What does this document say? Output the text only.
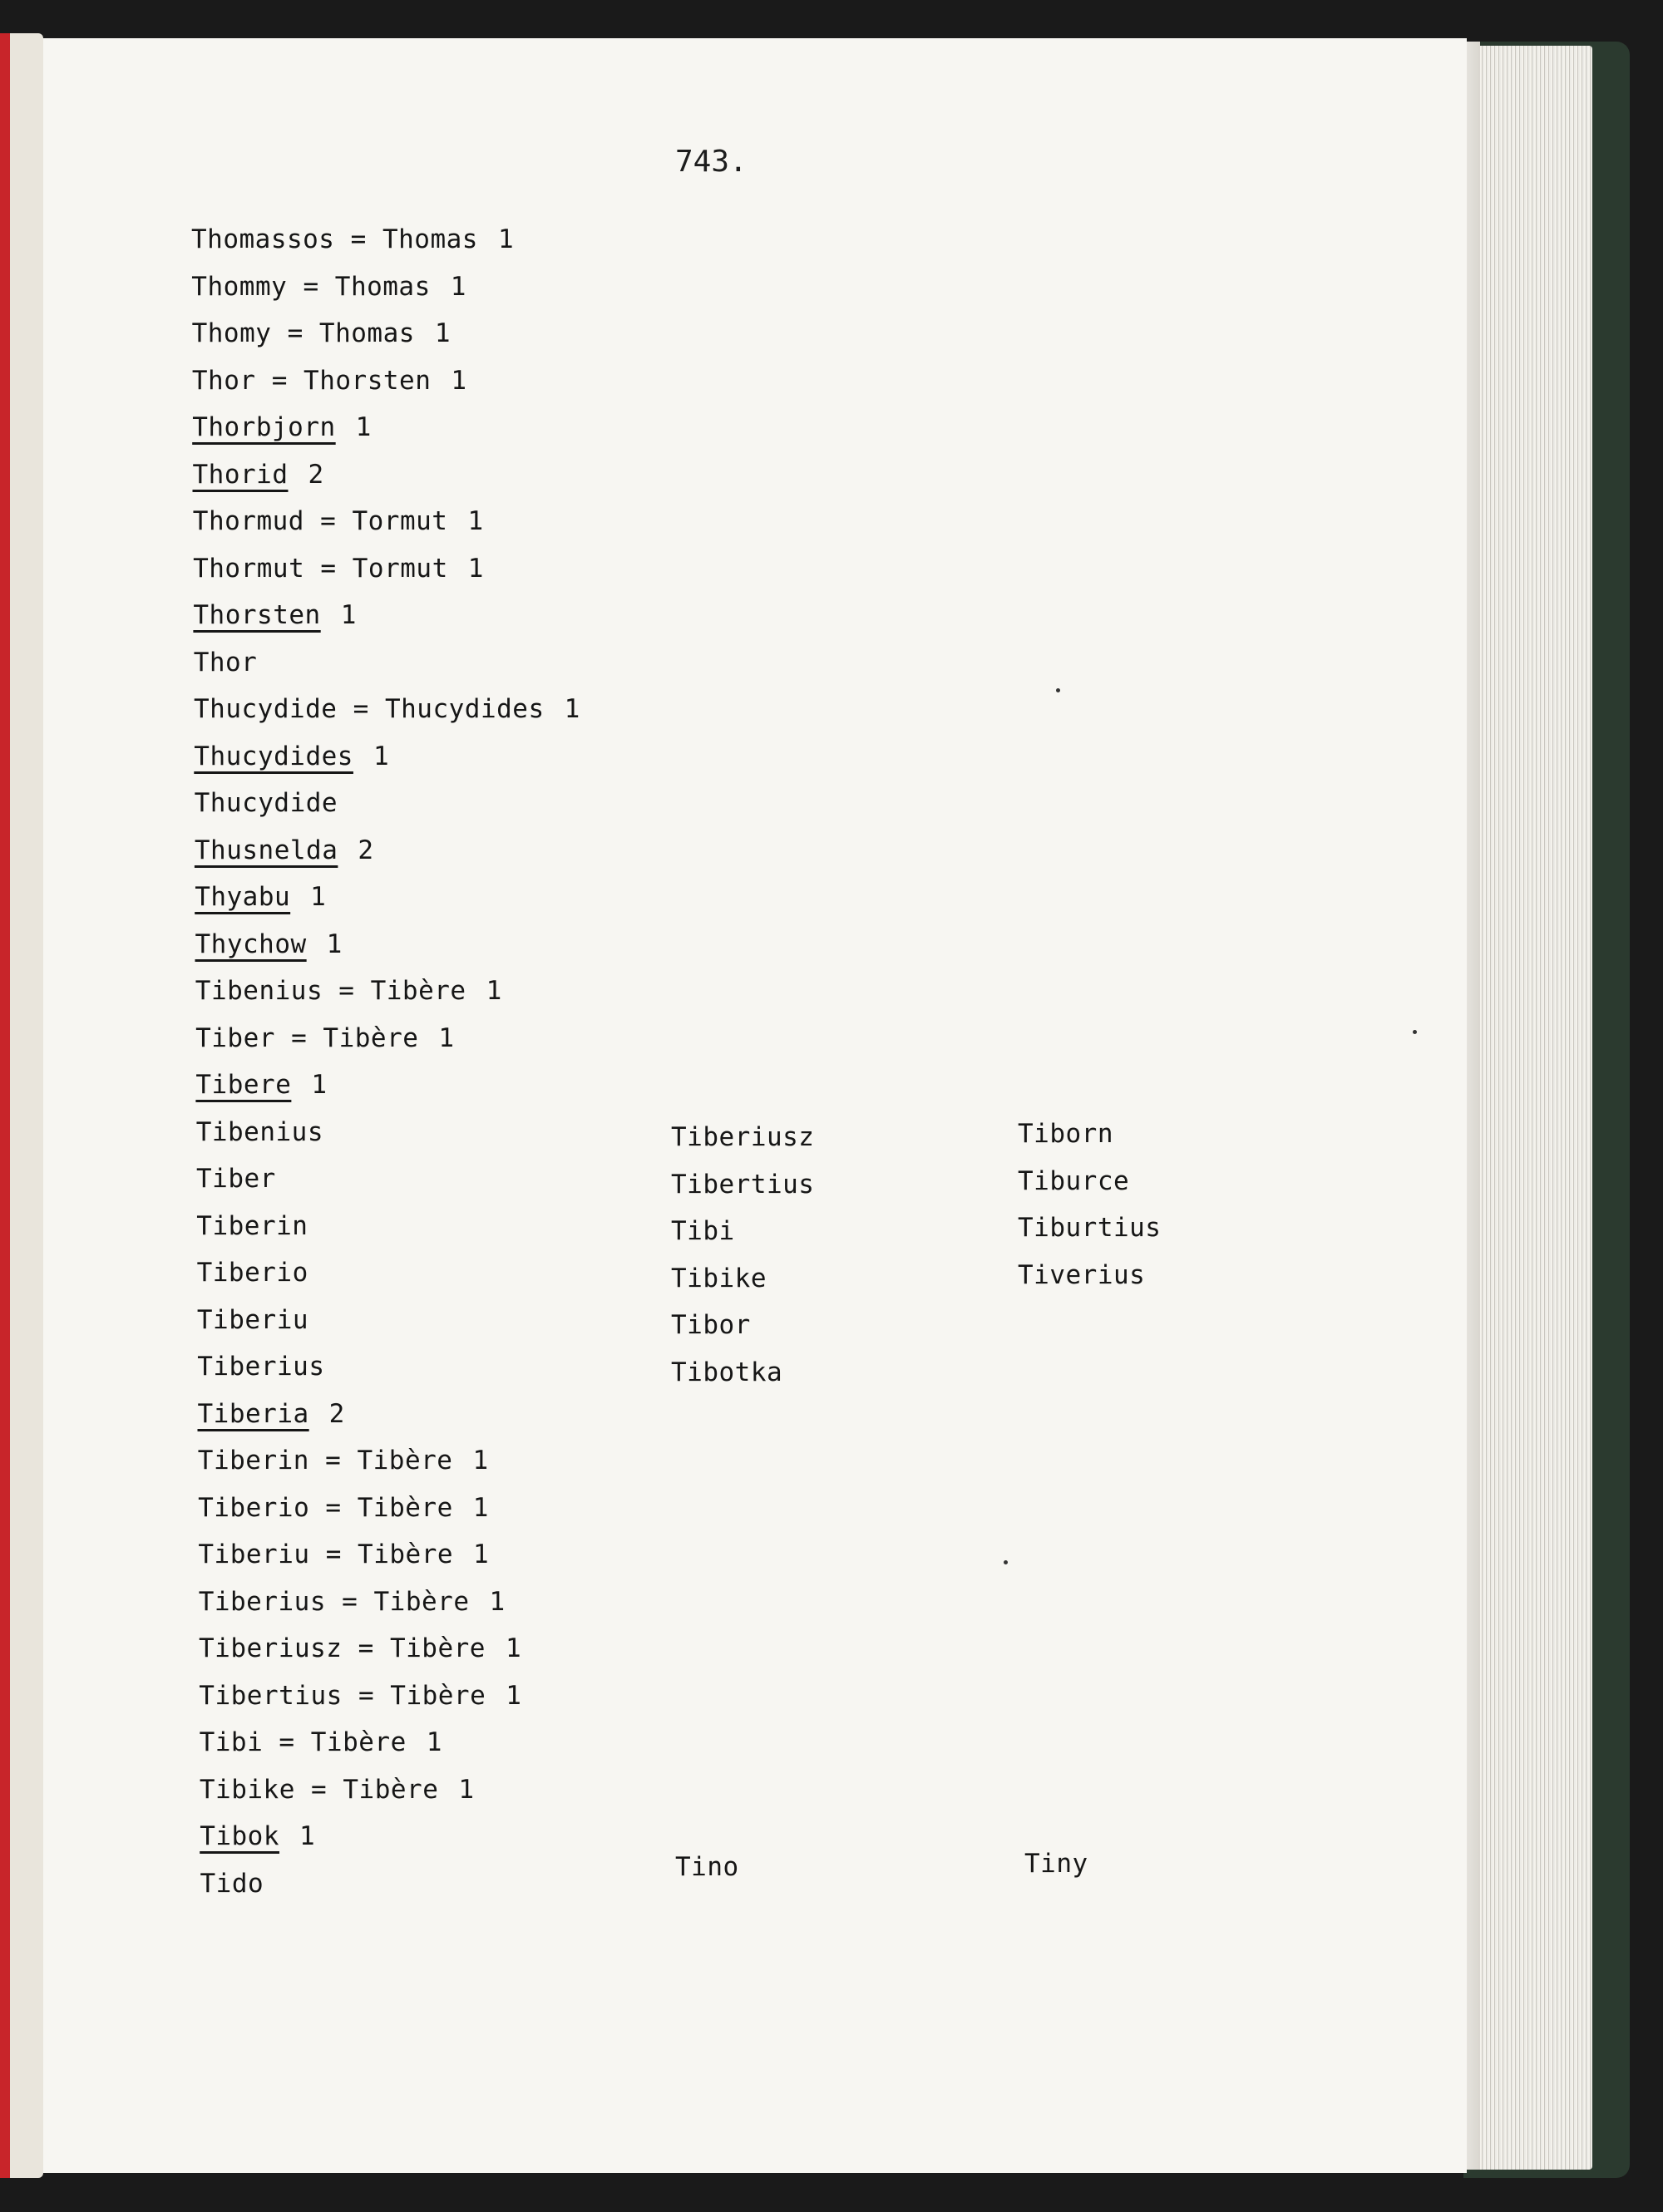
743.
Thomassos = Thomas 1
Thommy = Thomas 1
Thomy = Thomas 1
Thor = Thorsten 1
Thorbjorn 1
Thorid 2
Thormud = Tormut 1
Thormut = Tormut 1
Thorsten 1
Thor
Thucydide = Thucydides 1
Thucydides 1
Thucydide
Thusnelda 2
Thyabu 1
Thychow 1
Tibenius = Tibère 1
Tiber = Tibère 1
Tibere 1
Tibenius
Tiber
Tiberin
Tiberio
Tiberiu
Tiberius
Tiberia 2
Tiberin = Tibère 1
Tiberio = Tibère 1
Tiberiu = Tibère 1
Tiberius = Tibère 1
Tiberiusz = Tibère 1
Tibertius = Tibère 1
Tibi = Tibère 1
Tibike = Tibère 1
Tibok 1
Tido
Tiberiusz
Tibertius
Tibi
Tibike
Tibor
Tibotka
Tiborn
Tiburce
Tiburtius
Tiverius
Tino	Tiny
